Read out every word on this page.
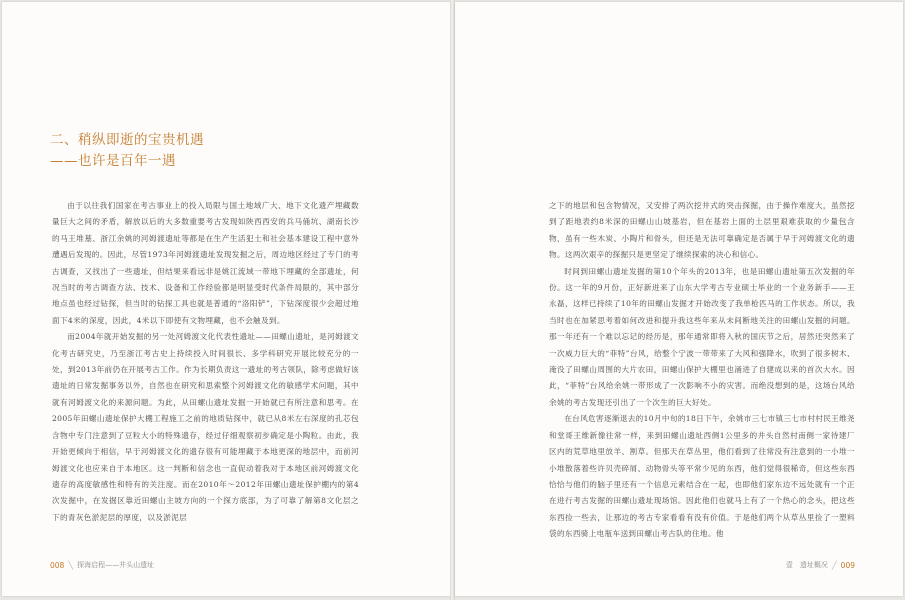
二、稍纵即逝的宝贵机遇
——也许是百年一遇

由于以往我们国家在考古事业上的投入局限与国土地域广大、地下文化遗产埋藏数量巨大之间的矛盾，解放以后的大多数重要考古发现如陕西西安的兵马俑坑、湖南长沙的马王堆墓、浙江余姚的河姆渡遗址等都是在生产生活犯土和社会基本建设工程中意外遭遇后发现的。因此，尽管1973年河姆渡遗址发现发掘之后，周边地区经过了专门的考古调查，又找出了一些遗址，但结果来看远非是姚江流域一带地下埋藏的全部遗址，何况当时的考古调查方法、技术、设备和工作经验都是明显受时代条件局限的，其中部分地点虽也经过钻探，但当时的钻探工具也就是普通的“洛阳铲”，下钻深度很少会超过地面下4米的深度，因此，4米以下即使有文物埋藏，也不会触及到。

而2004年就开始发掘的另一处河姆渡文化代表性遗址——田螺山遗址，是河姆渡文化考古研究史，乃至浙江考古史上持续投入时间很长、多学科研究开展比较充分的一处，到2013年前仍在开展考古工作。作为长期负责这一遗址的考古领队，除考虑做好该遗址的日常发掘事务以外，自然也在研究和思索整个河姆渡文化的敏感学术问题，其中就有河姆渡文化的来源问题。为此，从田螺山遗址发掘一开始就已有所注意和思考。在2005年田螺山遗址保护大棚工程施工之前的地质钻探中，就已从8米左右深度的孔芯包含物中专门注意到了豆粒大小的特殊遗存，经过仔细观察初步确定是小陶粒。由此，我开始更倾向于相信，早于河姆渡文化的遗存很有可能埋藏于本地更深的地层中，而前河姆渡文化也应来自于本地区。这一判断和信念也一直促动着我对于本地区前河姆渡文化遗存的高度敏感性和特有的关注度。而在2010年～2012年田螺山遗址保护棚内的第4次发掘中，在发掘区靠近田螺山主坡方向的一个探方底部，为了可靠了解第8文化层之下的青灰色淤泥层的厚度，以及淤泥层

008 ╲ 探海启程——井头山遗址

之下的地层和包含物情况，又安排了两次挖井式的突击探掘，由于操作难度大，虽然挖到了距地表约8米深的田螺山山坡基岩，但在基岩上面的土层里艰难获取的少量包含物，虽有一些木炭、小陶片和骨头，但还是无法可靠确定是否属于早于河姆渡文化的遗物。这两次艰辛的探掘只是更坚定了继续探索的决心和信心。

时间到田螺山遗址发掘的第10个年头的2013年，也是田螺山遗址第五次发掘的年份。这一年的9月份，正好新进来了山东大学考古专业硕士毕业的一个业务新手——王永磊，这样已持续了10年的田螺山发掘才开始改变了我单枪匹马的工作状态。所以，我当时也在加紧思考着如何改进和提升我这些年来从未间断地关注的田螺山发掘的问题。那一年还有一个难以忘记的经历是，那年通常即将入秋的国庆节之后，居然还突然来了一次威力巨大的“菲特”台风，给整个宁波一带带来了大风和强降水，吹到了很多树木、淹没了田螺山周围的大片农田，田螺山保护大棚里也涌进了自建成以来的首次大水。因此，“菲特”台风给余姚一带形成了一次影响不小的灾害。而绝没想到的是，这场台风给余姚的考古发现还引出了一个次生的巨大好处。

在台风危害逐渐退去的10月中旬的18日下午，余姚市三七市镇三七市村村民王维尧和堂哥王维新像往常一样，来到田螺山遗址西侧1公里多的井头自然村南侧一家待建厂区内的荒草地里放羊、割草。但那天在草丛里，他们看到了往常没有注意到的一小堆一小堆散落着些许贝壳碎屑、动物骨头等平常少见的东西，他们觉得很稀奇，但这些东西恰恰与他们的脑子里还有一个信息元素结合在一起，也即他们家东边不远处就有一个正在进行考古发掘的田螺山遗址现场馆。因此他们也就马上有了一个热心的念头，把这些东西捡一些去，让那边的考古专家看看有没有价值。于是他们两个从草丛里捡了一塑料袋的东西骑上电瓶车送到田螺山考古队的住地。他

壹　遗址概况 ╱ 009
